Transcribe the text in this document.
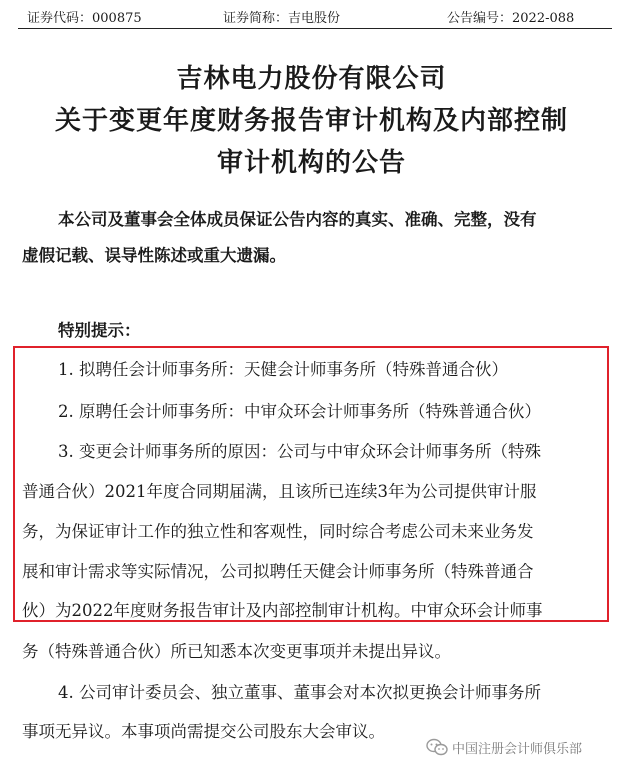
证券代码：000875	证券简称：吉电股份	公告编号：2022-088
吉林电力股份有限公司
关于变更年度财务报告审计机构及内部控制
审计机构的公告
本公司及董事会全体成员保证公告内容的真实、准确、完整，没有
虚假记载、误导性陈述或重大遗漏。
特别提示：
1. 拟聘任会计师事务所：天健会计师事务所（特殊普通合伙）
2. 原聘任会计师事务所：中审众环会计师事务所（特殊普通合伙）
3. 变更会计师事务所的原因：公司与中审众环会计师事务所（特殊
普通合伙）2021年度合同期届满，且该所已连续3年为公司提供审计服
务，为保证审计工作的独立性和客观性，同时综合考虑公司未来业务发
展和审计需求等实际情况，公司拟聘任天健会计师事务所（特殊普通合
伙）为2022年度财务报告审计及内部控制审计机构。中审众环会计师事
务（特殊普通合伙）所已知悉本次变更事项并未提出异议。
4. 公司审计委员会、独立董事、董事会对本次拟更换会计师事务所
事项无异议。本事项尚需提交公司股东大会审议。
中国注册会计师俱乐部
